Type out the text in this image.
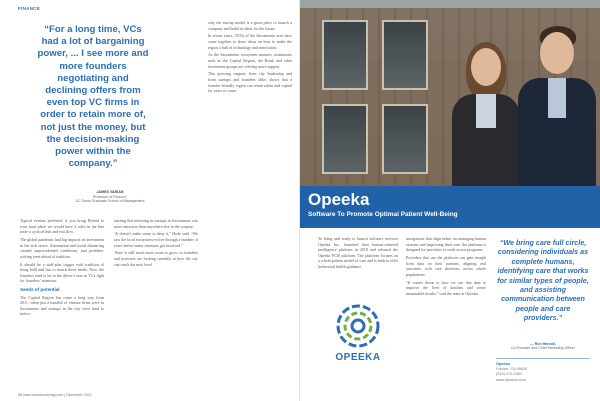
FINANCE
“For a long time, VCs had a lot of bargaining power, ... I see more and more founders negotiating and declining offers from even top VC firms in order to retain more of, not just the money, but the decision-making power within the company.”
JAMES VARIAN
Professor of Finance,
UC Davis Graduate School of Management

Typical venture preferred, if you bring Hybrid to your fund place we would have 4 roles in the line trade a cyclical hub and exit flow.

The global pandemic had big impacts on investment in the tech sector. Automation and social distancing created unprecedented conditions, and problem-solving went ahead of tradition.

It should be a staff-plus trigger with tradition of bring bold and fast to match these needs. Now, the founders tend to be in the driver’s seat as VCs fight for founders’ attention.

Seeds of potential

The Capital Region has come a long way from 2011, when just a handful of venture firms were in Sacramento and startups in the city were hard to notice.

starting that investing in startups in Sacramento was more attractive than anywhere else in the country.

“It doesn’t make sense to deny it,” Hyde said. “We saw the local ecosystem evolve through a number of years before many investors got involved.”

There is still much more room to grow, so founders and investors are looking carefully at how the city can reach the next level.

why the startup model is a great place to launch a company and build its ideas for the future.

In recent years, CEOs of the Sacramento area have come together to share ideas on how to make the region a hub of technology and innovation.

As the Sacramento ecosystem matures, institutions such as the Capital Region, the Brink and other investment groups are offering more support.

This growing support, from city leadership and from startups and founders alike, shows that a founder-friendly region can retain talent and capital for years to come.

58 www.comstocksmag.com | December 2021
Opeeka
Software To Promote Optimal Patient Well-Being

To bring and ready to launch software services Opeeka Inc., launched their human-centered intelligence platform in 2018 and released the Opeeka PCIS platform. The platform focuses on a whole-patient model of care and is built to offer behavioral health guidance.

OPEEKA

navigations that align better on managing human systems and improving their care, the platform is designed for providers to work across programs.

Providers that use the platform can gain insight from data on their patients, aligning real outcomes with care decisions across whole populations.

“It comes down to how we use that data to improve the lives of families and create measurable results,” said the team at Opeeka.

“We bring care full circle, considering individuals as complete humans, identifying care that works for similar types of people, and assisting communication between people and care providers.”
— Ron Hanold,
Co-Founder and Chief Marketing Officer
Opeeka
Folsom, CA 95630
(916) 470-0464
www.opeeka.com
